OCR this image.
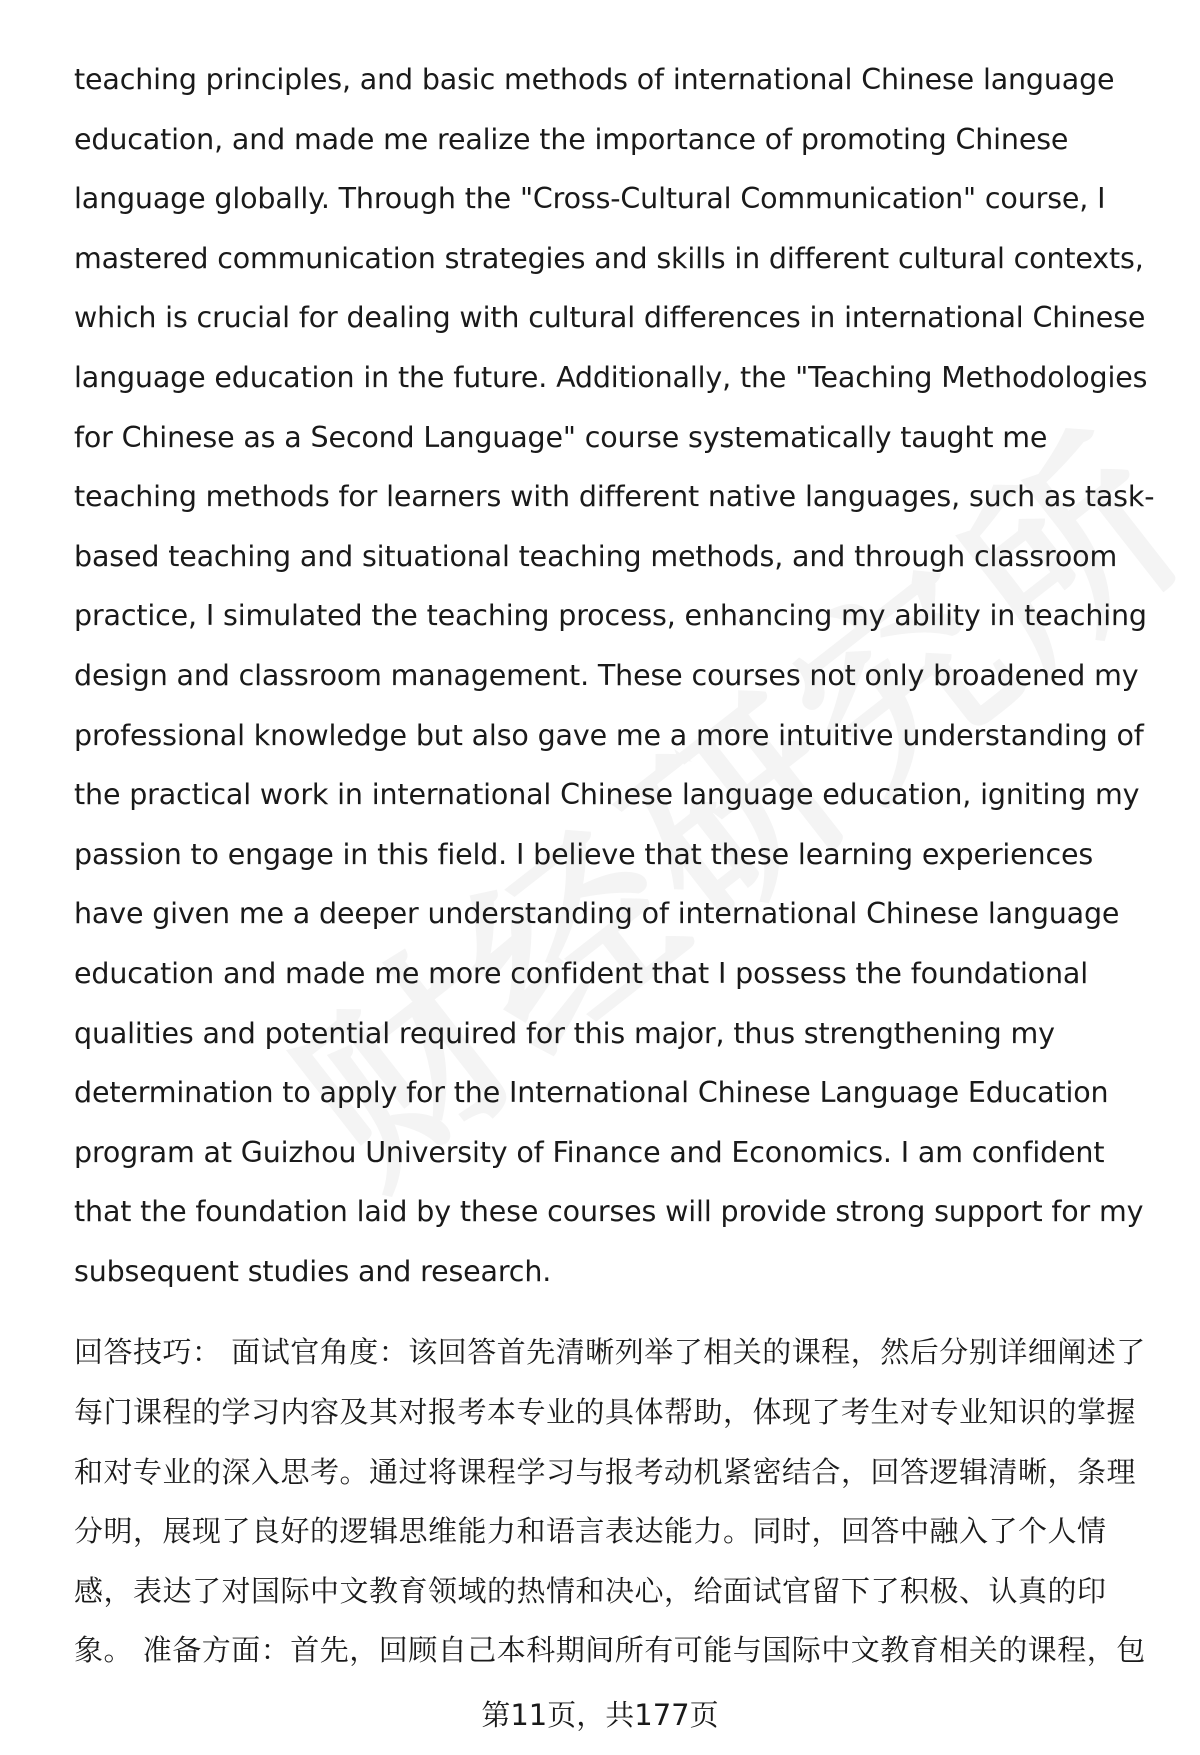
teaching principles, and basic methods of international Chinese language education, and made me realize the importance of promoting Chinese language globally. Through the "Cross-Cultural Communication" course, I mastered communication strategies and skills in different cultural contexts, which is crucial for dealing with cultural differences in international Chinese language education in the future. Additionally, the "Teaching Methodologies for Chinese as a Second Language" course systematically taught me teaching methods for learners with different native languages, such as task-based teaching and situational teaching methods, and through classroom practice, I simulated the teaching process, enhancing my ability in teaching design and classroom management. These courses not only broadened my professional knowledge but also gave me a more intuitive understanding of the practical work in international Chinese language education, igniting my passion to engage in this field. I believe that these learning experiences have given me a deeper understanding of international Chinese language education and made me more confident that I possess the foundational qualities and potential required for this major, thus strengthening my determination to apply for the International Chinese Language Education program at Guizhou University of Finance and Economics. I am confident that the foundation laid by these courses will provide strong support for my subsequent studies and research.

回答技巧： 面试官角度：该回答首先清晰列举了相关的课程，然后分别详细阐述了每门课程的学习内容及其对报考本专业的具体帮助，体现了考生对专业知识的掌握和对专业的深入思考。通过将课程学习与报考动机紧密结合，回答逻辑清晰，条理分明，展现了良好的逻辑思维能力和语言表达能力。同时，回答中融入了个人情感，表达了对国际中文教育领域的热情和决心，给面试官留下了积极、认真的印象。 准备方面：首先，回顾自己本科期间所有可能与国际中文教育相关的课程，包

第11页，共177页
